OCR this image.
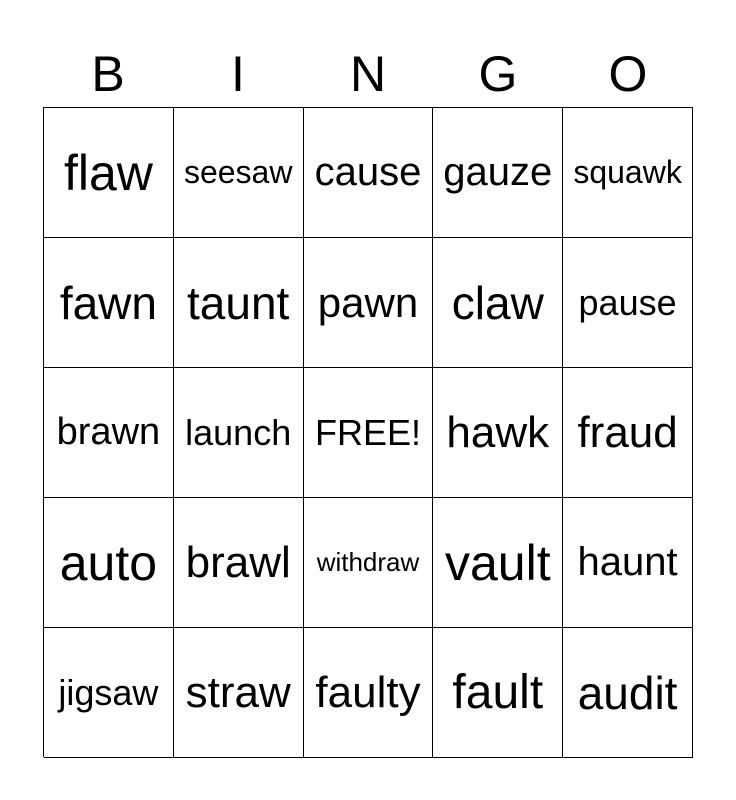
B	I	N	G	O
flaw seesaw cause gauze squawk
fawn taunt pawn claw pause
brawn launch FREE! hawk fraud
auto brawl withdraw vault haunt
jigsaw straw faulty fault audit
